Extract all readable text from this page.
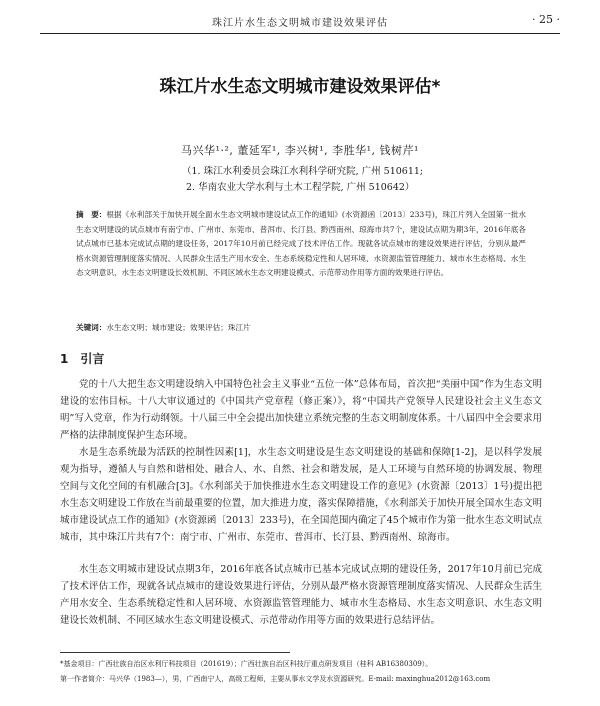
珠江片水生态文明城市建设效果评估	· 25 ·
珠江片水生态文明城市建设效果评估*
马兴华¹·², 董延军¹, 李兴树¹, 李胜华¹, 钱树芹¹
（1. 珠江水利委员会珠江水利科学研究院, 广州 510611;
2. 华南农业大学水利与土木工程学院, 广州 510642）
摘　要：根据《水利部关于加快开展全面水生态文明城市建设试点工作的通知》(水资源函〔2013〕233号)，珠江片列入全国第一批水生态文明建设的试点城市有南宁市、广州市、东莞市、普洱市、长汀县、黔西南州、琼海市共7个，建设试点期为期3年，2016年底各试点城市已基本完成试点期的建设任务，2017年10月前已经完成了技术评估工作。现就各试点城市的建设效果进行评估，分别从最严格水资源管理制度落实情况、人民群众生活生产用水安全、生态系统稳定性和人居环境、水资源监管管理能力、城市水生态格局、水生态文明意识、水生态文明建设长效机制、不同区域水生态文明建设模式、示范带动作用等方面的效果进行评估。
关键词：水生态文明；城市建设；效果评估；珠江片
1　引言
党的十八大把生态文明建设纳入中国特色社会主义事业“五位一体”总体布局，首次把“美丽中国”作为生态文明建设的宏伟目标。十八大审议通过的《中国共产党章程（修正案）》，将“中国共产党领导人民建设社会主义生态文明”写入党章，作为行动纲领。十八届三中全会提出加快建立系统完整的生态文明制度体系。十八届四中全会要求用严格的法律制度保护生态环境。
水是生态系统最为活跃的控制性因素[1]，水生态文明建设是生态文明建设的基础和保障[1-2]，是以科学发展观为指导，遵循人与自然和谐相处、融合人、水、自然、社会和谐发展，是人工环境与自然环境的协调发展、物理空间与文化空间的有机融合[3]。《水利部关于加快推进水生态文明建设工作的意见》(水资源〔2013〕1号)提出把水生态文明建设工作放在当前最重要的位置，加大推进力度，落实保障措施，《水利部关于加快开展全国水生态文明城市建设试点工作的通知》(水资源函〔2013〕233号)，在全国范围内确定了45个城市作为第一批水生态文明试点城市，其中珠江片共有7个：南宁市、广州市、东莞市、普洱市、长汀县、黔西南州、琼海市。
水生态文明城市建设试点期3年，2016年底各试点城市已基本完成试点期的建设任务，2017年10月前已完成了技术评估工作，现就各试点城市的建设效果进行评估，分别从最严格水资源管理制度落实情况、人民群众生活生产用水安全、生态系统稳定性和人居环境、水资源监管管理能力、城市水生态格局、水生态文明意识、水生态文明建设长效机制、不同区域水生态文明建设模式、示范带动作用等方面的效果进行总结评估。
*基金项目：广西壮族自治区水利厅科技项目（201619）；广西壮族自治区科技厅重点研发项目（桂科 AB16380309）。
第一作者简介：马兴华（1983—），男，广西南宁人，高级工程师，主要从事水文学及水资源研究。E-mail: maxinghua2012@163.com
